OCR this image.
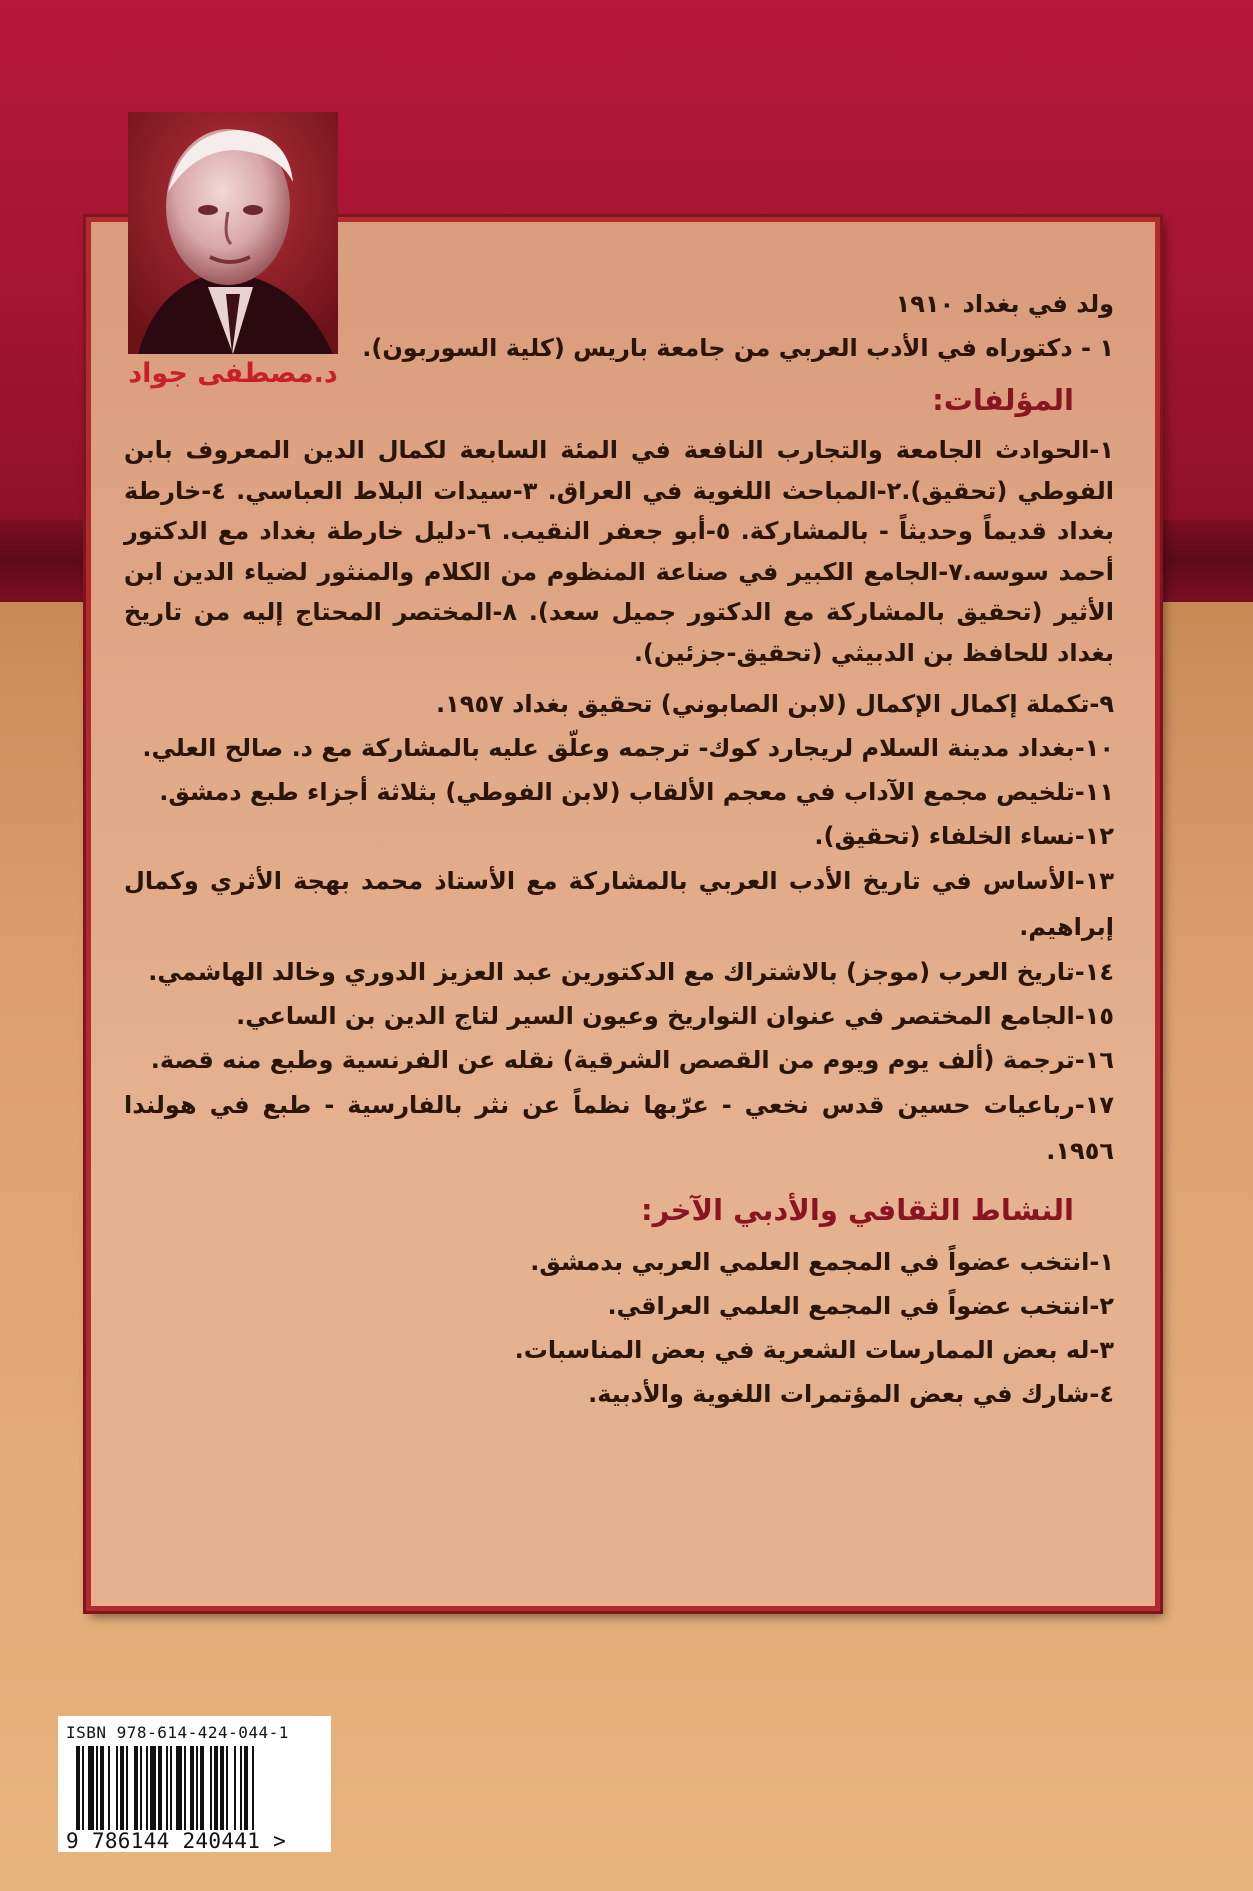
د.مصطفى جواد
ولد في بغداد ١٩١٠
١ - دكتوراه في الأدب العربي من جامعة باريس (كلية السوربون).
المؤلفات:
١-الحوادث الجامعة والتجارب النافعة في المئة السابعة لكمال الدين المعروف بابن الفوطي (تحقيق).٢-المباحث اللغوية في العراق. ٣-سيدات البلاط العباسي. ٤-خارطة بغداد قديماً وحديثاً - بالمشاركة. ٥-أبو جعفر النقيب. ٦-دليل خارطة بغداد مع الدكتور أحمد سوسه.٧-الجامع الكبير في صناعة المنظوم من الكلام والمنثور لضياء الدين ابن الأثير (تحقيق بالمشاركة مع الدكتور جميل سعد). ٨-المختصر المحتاج إليه من تاريخ بغداد للحافظ بن الدبيثي (تحقيق-جزئين).
٩-تكملة إكمال الإكمال (لابن الصابوني) تحقيق بغداد ١٩٥٧.
١٠-بغداد مدينة السلام لريجارد كوك- ترجمه وعلّق عليه بالمشاركة مع د. صالح العلي.
١١-تلخيص مجمع الآداب في معجم الألقاب (لابن الفوطي) بثلاثة أجزاء طبع دمشق.
١٢-نساء الخلفاء (تحقيق).
١٣-الأساس في تاريخ الأدب العربي بالمشاركة مع الأستاذ محمد بهجة الأثري وكمال إبراهيم.
١٤-تاريخ العرب (موجز) بالاشتراك مع الدكتورين عبد العزيز الدوري وخالد الهاشمي.
١٥-الجامع المختصر في عنوان التواريخ وعيون السير لتاج الدين بن الساعي.
١٦-ترجمة (ألف يوم ويوم من القصص الشرقية) نقله عن الفرنسية وطبع منه قصة.
١٧-رباعيات حسين قدس نخعي - عرّبها نظماً عن نثر بالفارسية - طبع في هولندا ١٩٥٦.
النشاط الثقافي والأدبي الآخر:
١-انتخب عضواً في المجمع العلمي العربي بدمشق.
٢-انتخب عضواً في المجمع العلمي العراقي.
٣-له بعض الممارسات الشعرية في بعض المناسبات.
٤-شارك في بعض المؤتمرات اللغوية والأدبية.
ISBN 978-614-424-044-1
9 786144 240441 >
